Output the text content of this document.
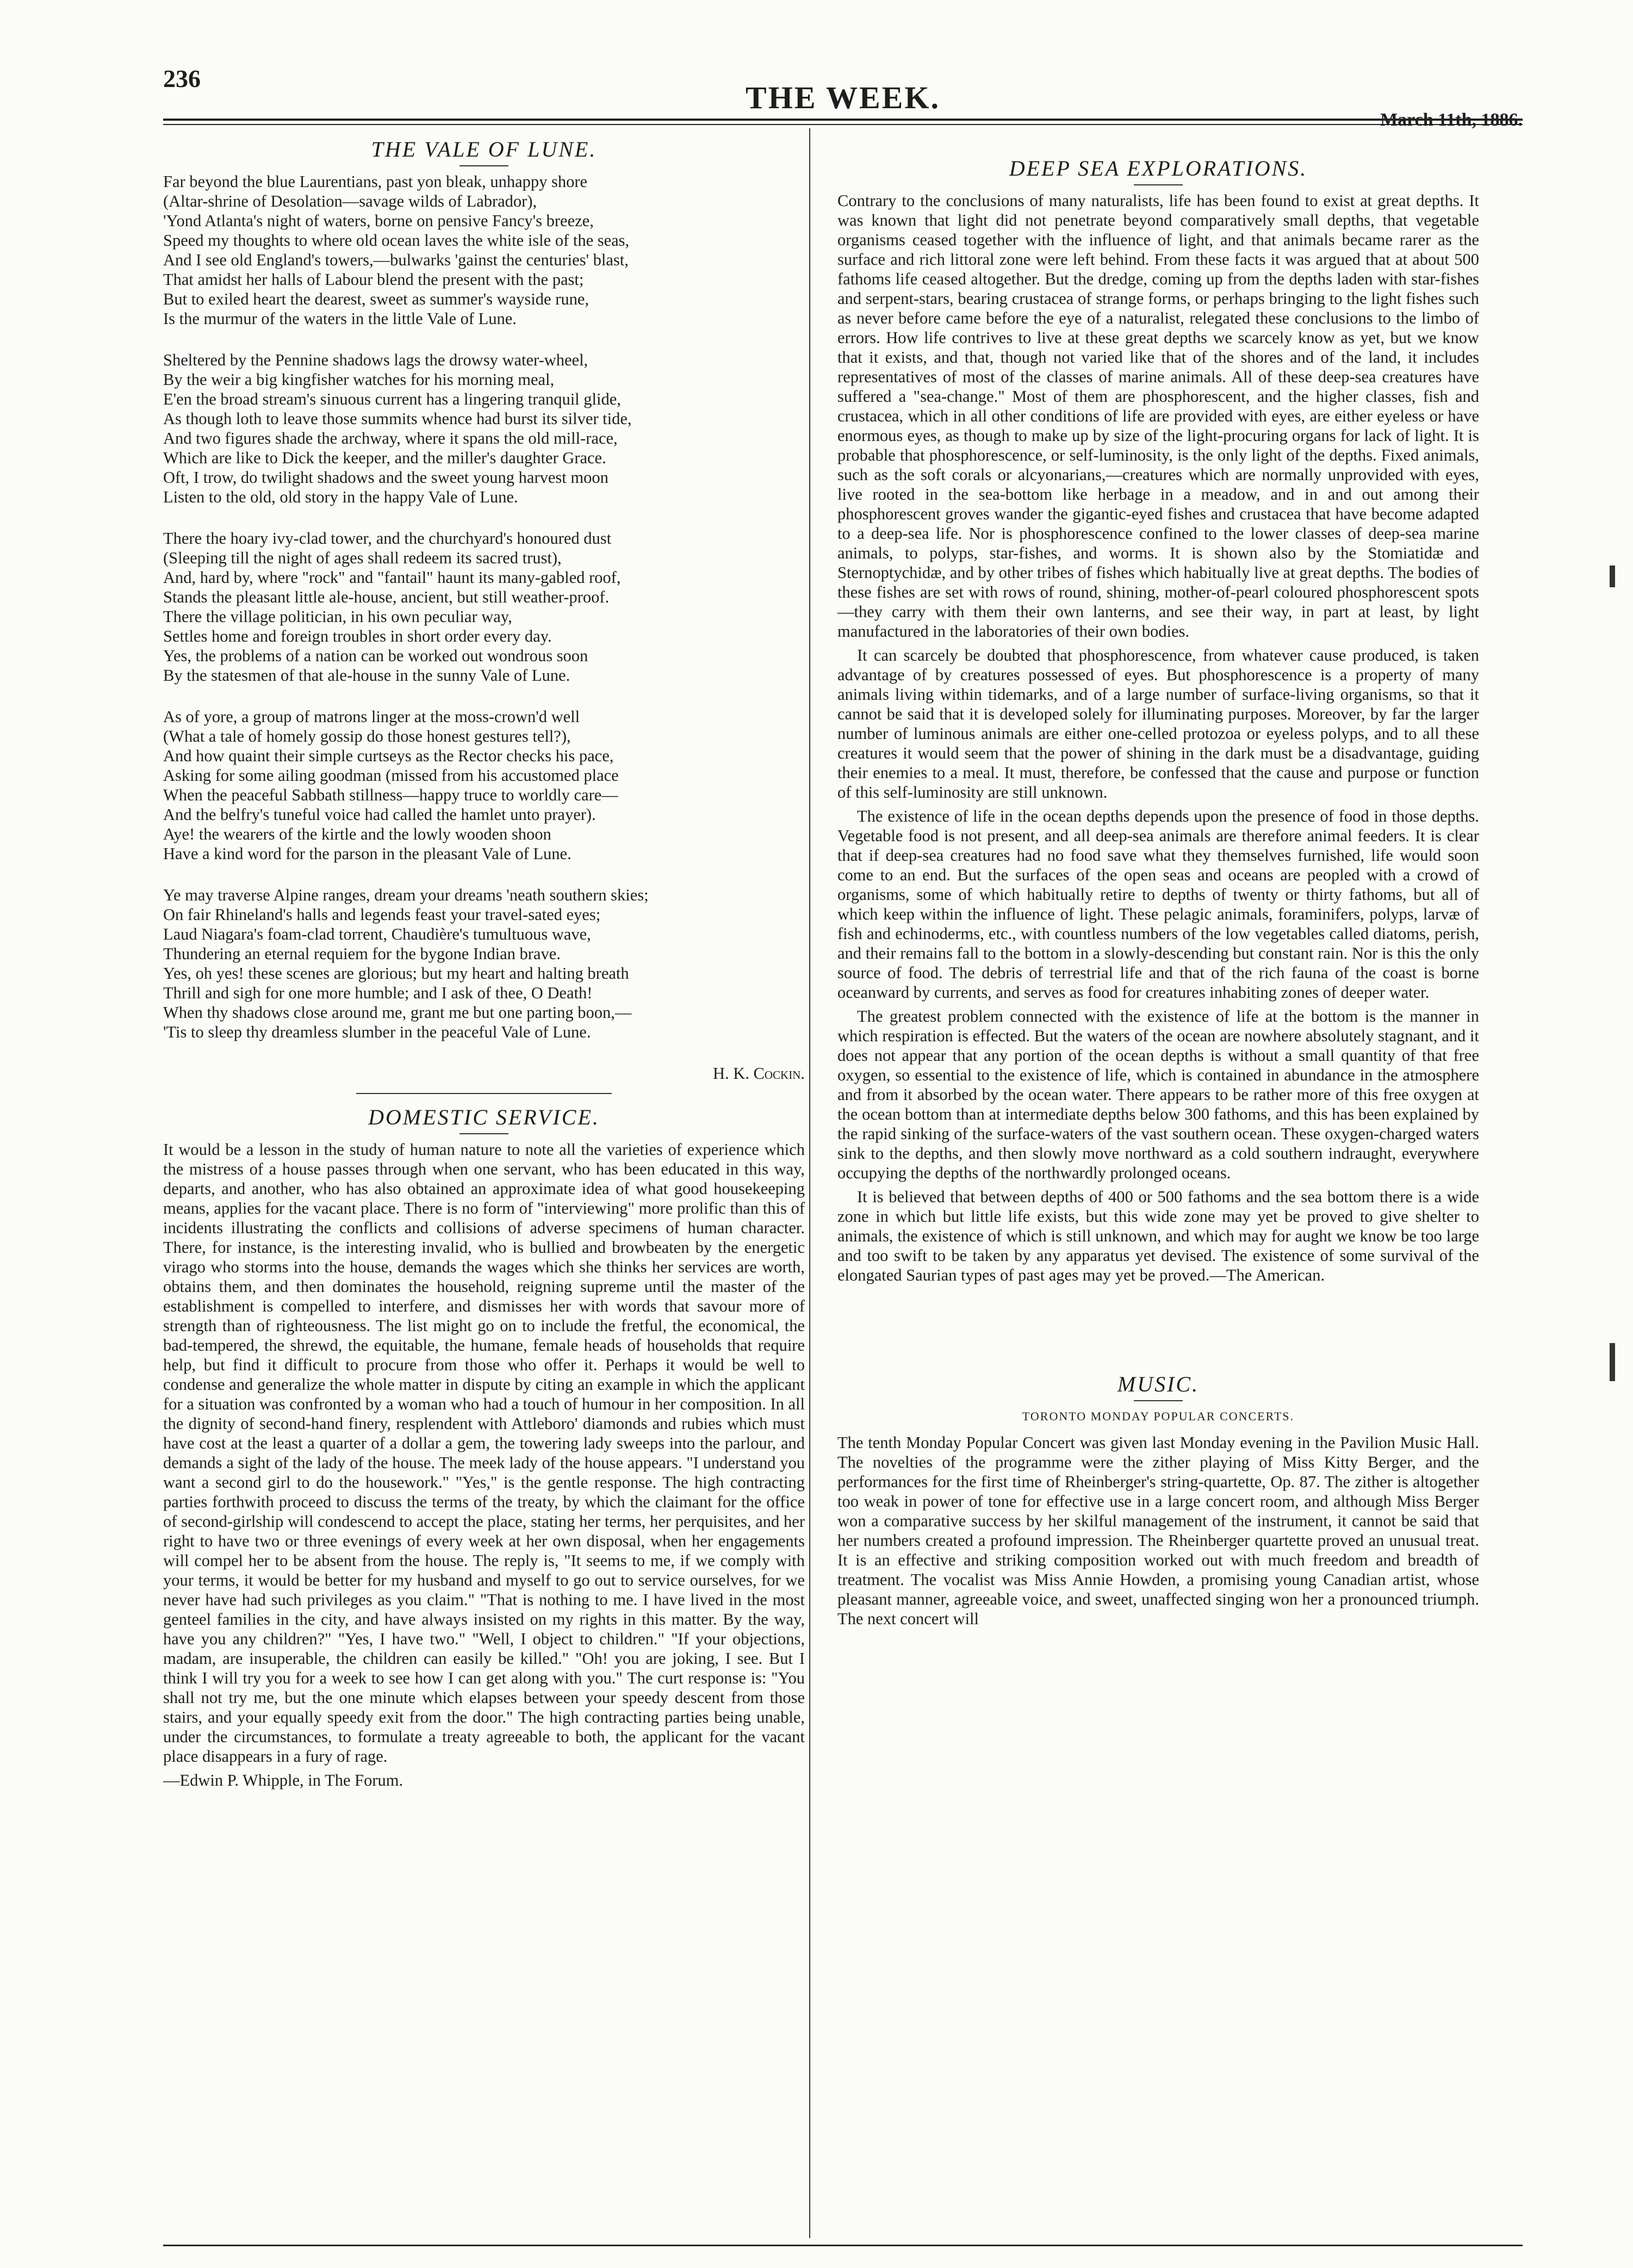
236
THE WEEK.
March 11th, 1886.
THE VALE OF LUNE.

Far beyond the blue Laurentians, past yon bleak, unhappy shore

(Altar-shrine of Desolation—savage wilds of Labrador),

'Yond Atlanta's night of waters, borne on pensive Fancy's breeze,

Speed my thoughts to where old ocean laves the white isle of the seas,

And I see old England's towers,—bulwarks 'gainst the centuries' blast,

That amidst her halls of Labour blend the present with the past;

But to exiled heart the dearest, sweet as summer's wayside rune,

Is the murmur of the waters in the little Vale of Lune.

Sheltered by the Pennine shadows lags the drowsy water-wheel,

By the weir a big kingfisher watches for his morning meal,

E'en the broad stream's sinuous current has a lingering tranquil glide,

As though loth to leave those summits whence had burst its silver tide,

And two figures shade the archway, where it spans the old mill-race,

Which are like to Dick the keeper, and the miller's daughter Grace.

Oft, I trow, do twilight shadows and the sweet young harvest moon

Listen to the old, old story in the happy Vale of Lune.

There the hoary ivy-clad tower, and the churchyard's honoured dust

(Sleeping till the night of ages shall redeem its sacred trust),

And, hard by, where "rock" and "fantail" haunt its many-gabled roof,

Stands the pleasant little ale-house, ancient, but still weather-proof.

There the village politician, in his own peculiar way,

Settles home and foreign troubles in short order every day.

Yes, the problems of a nation can be worked out wondrous soon

By the statesmen of that ale-house in the sunny Vale of Lune.

As of yore, a group of matrons linger at the moss-crown'd well

(What a tale of homely gossip do those honest gestures tell?),

And how quaint their simple curtseys as the Rector checks his pace,

Asking for some ailing goodman (missed from his accustomed place

When the peaceful Sabbath stillness—happy truce to worldly care—

And the belfry's tuneful voice had called the hamlet unto prayer).

Aye! the wearers of the kirtle and the lowly wooden shoon

Have a kind word for the parson in the pleasant Vale of Lune.

Ye may traverse Alpine ranges, dream your dreams 'neath southern skies;

On fair Rhineland's halls and legends feast your travel-sated eyes;

Laud Niagara's foam-clad torrent, Chaudière's tumultuous wave,

Thundering an eternal requiem for the bygone Indian brave.

Yes, oh yes! these scenes are glorious; but my heart and halting breath

Thrill and sigh for one more humble; and I ask of thee, O Death!

When thy shadows close around me, grant me but one parting boon,—

'Tis to sleep thy dreamless slumber in the peaceful Vale of Lune.

H. K. Cockin.
DOMESTIC SERVICE.

It would be a lesson in the study of human nature to note all the varieties of experience which the mistress of a house passes through when one servant, who has been educated in this way, departs, and another, who has also obtained an approximate idea of what good housekeeping means, applies for the vacant place. There is no form of "interviewing" more prolific than this of incidents illustrating the conflicts and collisions of adverse specimens of human character. There, for instance, is the interesting invalid, who is bullied and browbeaten by the energetic virago who storms into the house, demands the wages which she thinks her services are worth, obtains them, and then dominates the household, reigning supreme until the master of the establishment is compelled to interfere, and dismisses her with words that savour more of strength than of righteousness. The list might go on to include the fretful, the economical, the bad-tempered, the shrewd, the equitable, the humane, female heads of households that require help, but find it difficult to procure from those who offer it. Perhaps it would be well to condense and generalize the whole matter in dispute by citing an example in which the applicant for a situation was confronted by a woman who had a touch of humour in her composition. In all the dignity of second-hand finery, resplendent with Attleboro' diamonds and rubies which must have cost at the least a quarter of a dollar a gem, the towering lady sweeps into the parlour, and demands a sight of the lady of the house. The meek lady of the house appears. "I understand you want a second girl to do the housework." "Yes," is the gentle response. The high contracting parties forthwith proceed to discuss the terms of the treaty, by which the claimant for the office of second-girlship will condescend to accept the place, stating her terms, her perquisites, and her right to have two or three evenings of every week at her own disposal, when her engagements will compel her to be absent from the house. The reply is, "It seems to me, if we comply with your terms, it would be better for my husband and myself to go out to service ourselves, for we never have had such privileges as you claim." "That is nothing to me. I have lived in the most genteel families in the city, and have always insisted on my rights in this matter. By the way, have you any children?" "Yes, I have two." "Well, I object to children." "If your objections, madam, are insuperable, the children can easily be killed." "Oh! you are joking, I see. But I think I will try you for a week to see how I can get along with you." The curt response is: "You shall not try me, but the one minute which elapses between your speedy descent from those stairs, and your equally speedy exit from the door." The high contracting parties being unable, under the circumstances, to formulate a treaty agreeable to both, the applicant for the vacant place disappears in a fury of rage.

—Edwin P. Whipple, in The Forum.

DEEP SEA EXPLORATIONS.

Contrary to the conclusions of many naturalists, life has been found to exist at great depths. It was known that light did not penetrate beyond comparatively small depths, that vegetable organisms ceased together with the influence of light, and that animals became rarer as the surface and rich littoral zone were left behind. From these facts it was argued that at about 500 fathoms life ceased altogether. But the dredge, coming up from the depths laden with star-fishes and serpent-stars, bearing crustacea of strange forms, or perhaps bringing to the light fishes such as never before came before the eye of a naturalist, relegated these conclusions to the limbo of errors. How life contrives to live at these great depths we scarcely know as yet, but we know that it exists, and that, though not varied like that of the shores and of the land, it includes representatives of most of the classes of marine animals. All of these deep-sea creatures have suffered a "sea-change." Most of them are phosphorescent, and the higher classes, fish and crustacea, which in all other conditions of life are provided with eyes, are either eyeless or have enormous eyes, as though to make up by size of the light-procuring organs for lack of light. It is probable that phosphorescence, or self-luminosity, is the only light of the depths. Fixed animals, such as the soft corals or alcyonarians,—creatures which are normally unprovided with eyes, live rooted in the sea-bottom like herbage in a meadow, and in and out among their phosphorescent groves wander the gigantic-eyed fishes and crustacea that have become adapted to a deep-sea life. Nor is phosphorescence confined to the lower classes of deep-sea marine animals, to polyps, star-fishes, and worms. It is shown also by the Stomiatidæ and Sternoptychidæ, and by other tribes of fishes which habitually live at great depths. The bodies of these fishes are set with rows of round, shining, mother-of-pearl coloured phosphorescent spots—they carry with them their own lanterns, and see their way, in part at least, by light manufactured in the laboratories of their own bodies.

It can scarcely be doubted that phosphorescence, from whatever cause produced, is taken advantage of by creatures possessed of eyes. But phosphorescence is a property of many animals living within tidemarks, and of a large number of surface-living organisms, so that it cannot be said that it is developed solely for illuminating purposes. Moreover, by far the larger number of luminous animals are either one-celled protozoa or eyeless polyps, and to all these creatures it would seem that the power of shining in the dark must be a disadvantage, guiding their enemies to a meal. It must, therefore, be confessed that the cause and purpose or function of this self-luminosity are still unknown.

The existence of life in the ocean depths depends upon the presence of food in those depths. Vegetable food is not present, and all deep-sea animals are therefore animal feeders. It is clear that if deep-sea creatures had no food save what they themselves furnished, life would soon come to an end. But the surfaces of the open seas and oceans are peopled with a crowd of organisms, some of which habitually retire to depths of twenty or thirty fathoms, but all of which keep within the influence of light. These pelagic animals, foraminifers, polyps, larvæ of fish and echinoderms, etc., with countless numbers of the low vegetables called diatoms, perish, and their remains fall to the bottom in a slowly-descending but constant rain. Nor is this the only source of food. The debris of terrestrial life and that of the rich fauna of the coast is borne oceanward by currents, and serves as food for creatures inhabiting zones of deeper water.

The greatest problem connected with the existence of life at the bottom is the manner in which respiration is effected. But the waters of the ocean are nowhere absolutely stagnant, and it does not appear that any portion of the ocean depths is without a small quantity of that free oxygen, so essential to the existence of life, which is contained in abundance in the atmosphere and from it absorbed by the ocean water. There appears to be rather more of this free oxygen at the ocean bottom than at intermediate depths below 300 fathoms, and this has been explained by the rapid sinking of the surface-waters of the vast southern ocean. These oxygen-charged waters sink to the depths, and then slowly move northward as a cold southern indraught, everywhere occupying the depths of the northwardly prolonged oceans.

It is believed that between depths of 400 or 500 fathoms and the sea bottom there is a wide zone in which but little life exists, but this wide zone may yet be proved to give shelter to animals, the existence of which is still unknown, and which may for aught we know be too large and too swift to be taken by any apparatus yet devised. The existence of some survival of the elongated Saurian types of past ages may yet be proved.—The American.

MUSIC.
TORONTO MONDAY POPULAR CONCERTS.

The tenth Monday Popular Concert was given last Monday evening in the Pavilion Music Hall. The novelties of the programme were the zither playing of Miss Kitty Berger, and the performances for the first time of Rheinberger's string-quartette, Op. 87. The zither is altogether too weak in power of tone for effective use in a large concert room, and although Miss Berger won a comparative success by her skilful management of the instrument, it cannot be said that her numbers created a profound impression. The Rheinberger quartette proved an unusual treat. It is an effective and striking composition worked out with much freedom and breadth of treatment. The vocalist was Miss Annie Howden, a promising young Canadian artist, whose pleasant manner, agreeable voice, and sweet, unaffected singing won her a pronounced triumph. The next concert will
